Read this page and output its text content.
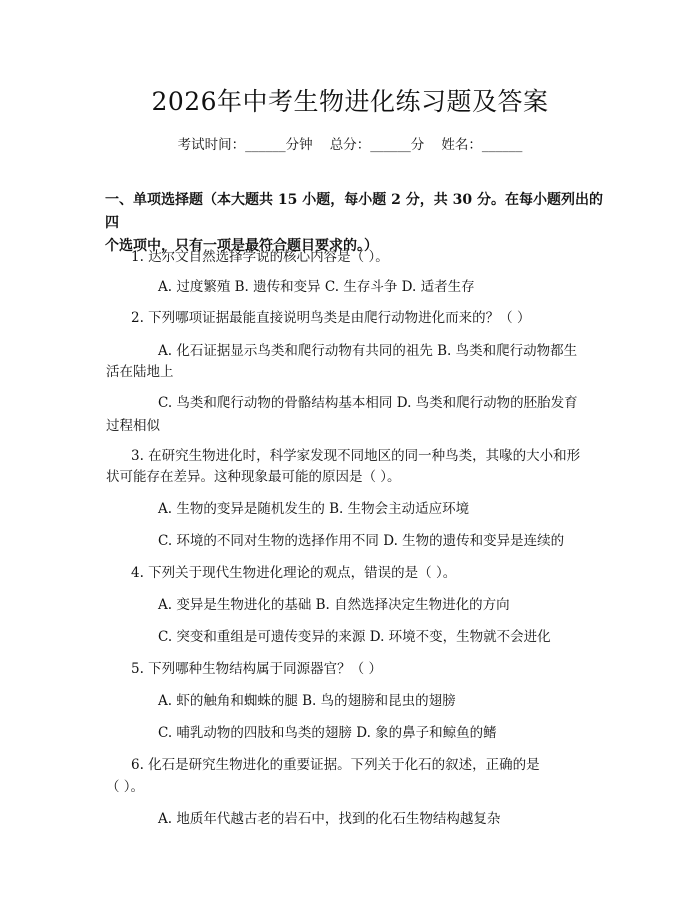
2026年中考生物进化练习题及答案
考试时间：______分钟    总分：______分    姓名：______
一、单项选择题（本大题共 15 小题，每小题 2 分，共 30 分。在每小题列出的四
个选项中，只有一项是最符合题目要求的。）
1. 达尔文自然选择学说的核心内容是（ ）。
A. 过度繁殖 B. 遗传和变异 C. 生存斗争 D. 适者生存
2. 下列哪项证据最能直接说明鸟类是由爬行动物进化而来的？（ ）
A. 化石证据显示鸟类和爬行动物有共同的祖先 B. 鸟类和爬行动物都生
活在陆地上
C. 鸟类和爬行动物的骨骼结构基本相同 D. 鸟类和爬行动物的胚胎发育
过程相似
3. 在研究生物进化时，科学家发现不同地区的同一种鸟类，其喙的大小和形
状可能存在差异。这种现象最可能的原因是（ ）。
A. 生物的变异是随机发生的 B. 生物会主动适应环境
C. 环境的不同对生物的选择作用不同 D. 生物的遗传和变异是连续的
4. 下列关于现代生物进化理论的观点，错误的是（ ）。
A. 变异是生物进化的基础 B. 自然选择决定生物进化的方向
C. 突变和重组是可遗传变异的来源 D. 环境不变，生物就不会进化
5. 下列哪种生物结构属于同源器官？（ ）
A. 虾的触角和蜘蛛的腿 B. 鸟的翅膀和昆虫的翅膀
C. 哺乳动物的四肢和鸟类的翅膀 D. 象的鼻子和鲸鱼的鳍
6. 化石是研究生物进化的重要证据。下列关于化石的叙述，正确的是
（ ）。
A. 地质年代越古老的岩石中，找到的化石生物结构越复杂
